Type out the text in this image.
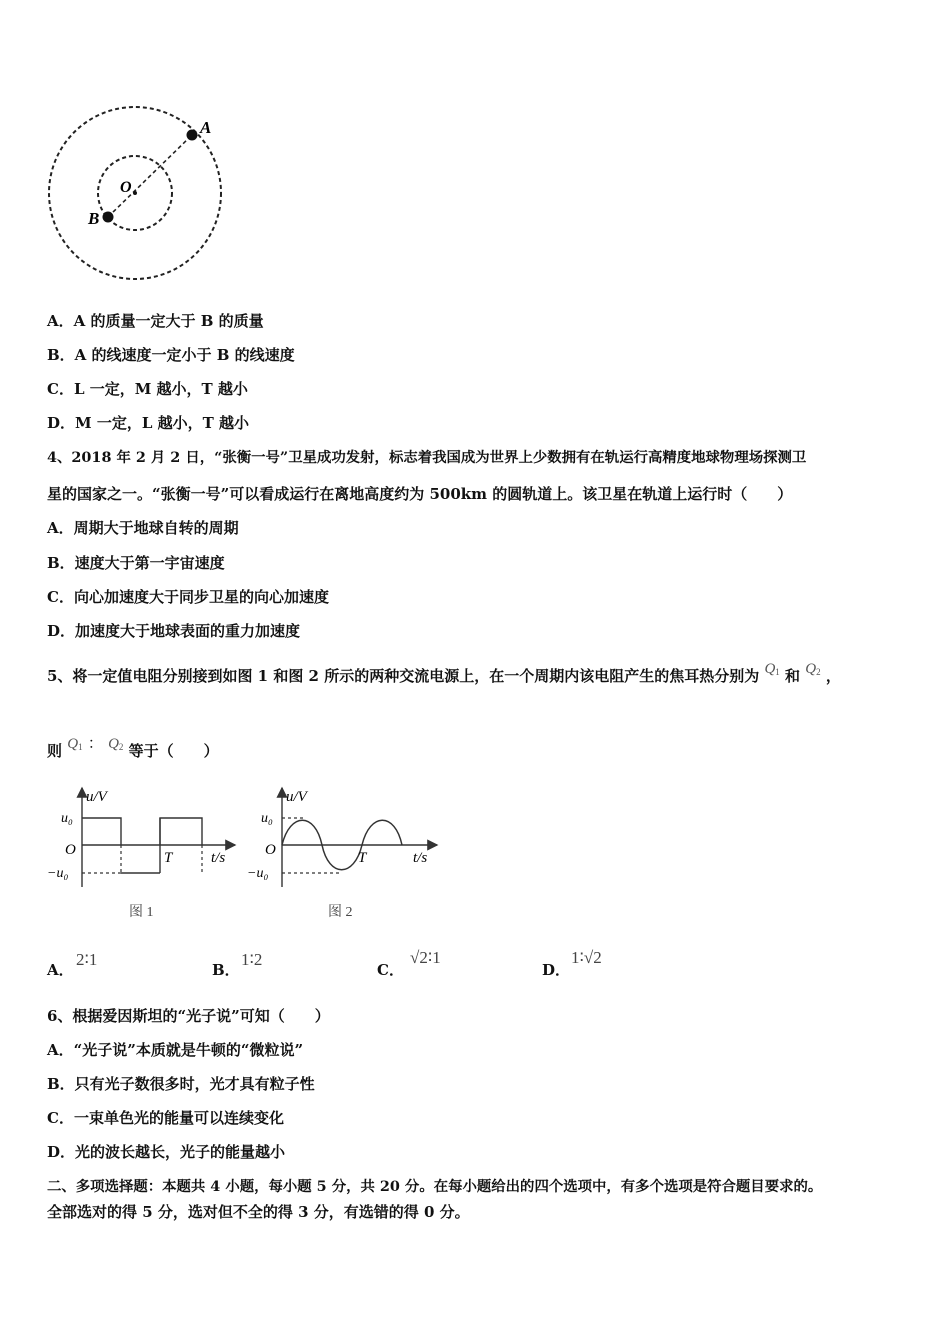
A
B
O
A．A 的质量一定大于 B 的质量
B．A 的线速度一定小于 B 的线速度
C．L 一定，M 越小，T 越小
D．M 一定，L 越小，T 越小
4、2018 年 2 月 2 日，“张衡一号”卫星成功发射，标志着我国成为世界上少数拥有在轨运行高精度地球物理场探测卫
星的国家之一。“张衡一号”可以看成运行在离地高度约为 500km 的圆轨道上。该卫星在轨道上运行时（　　）
A．周期大于地球自转的周期
B．速度大于第一宇宙速度
C．向心加速度大于同步卫星的向心加速度
D．加速度大于地球表面的重力加速度
5、将一定值电阻分别接到如图 1 和图 2 所示的两种交流电源上，在一个周期内该电阻产生的焦耳热分别为 $Q_1$ 和 $Q_2$ ，
则 $Q_1$ ： $Q_2$ 等于（　　）
u/V
u₀
O
−u₀
T	t/s
图 1
u/V
u₀
O
−u₀
T	t/s
图 2
A．
2∶1
B．
1∶2
C．
√2∶1
D．
1∶√2
6、根据爱因斯坦的“光子说”可知（　　）
A．“光子说”本质就是牛顿的“微粒说”
B．只有光子数很多时，光才具有粒子性
C．一束单色光的能量可以连续变化
D．光的波长越长，光子的能量越小
二、多项选择题：本题共 4 小题，每小题 5 分，共 20 分。在每小题给出的四个选项中，有多个选项是符合题目要求的。
全部选对的得 5 分，选对但不全的得 3 分，有选错的得 0 分。
